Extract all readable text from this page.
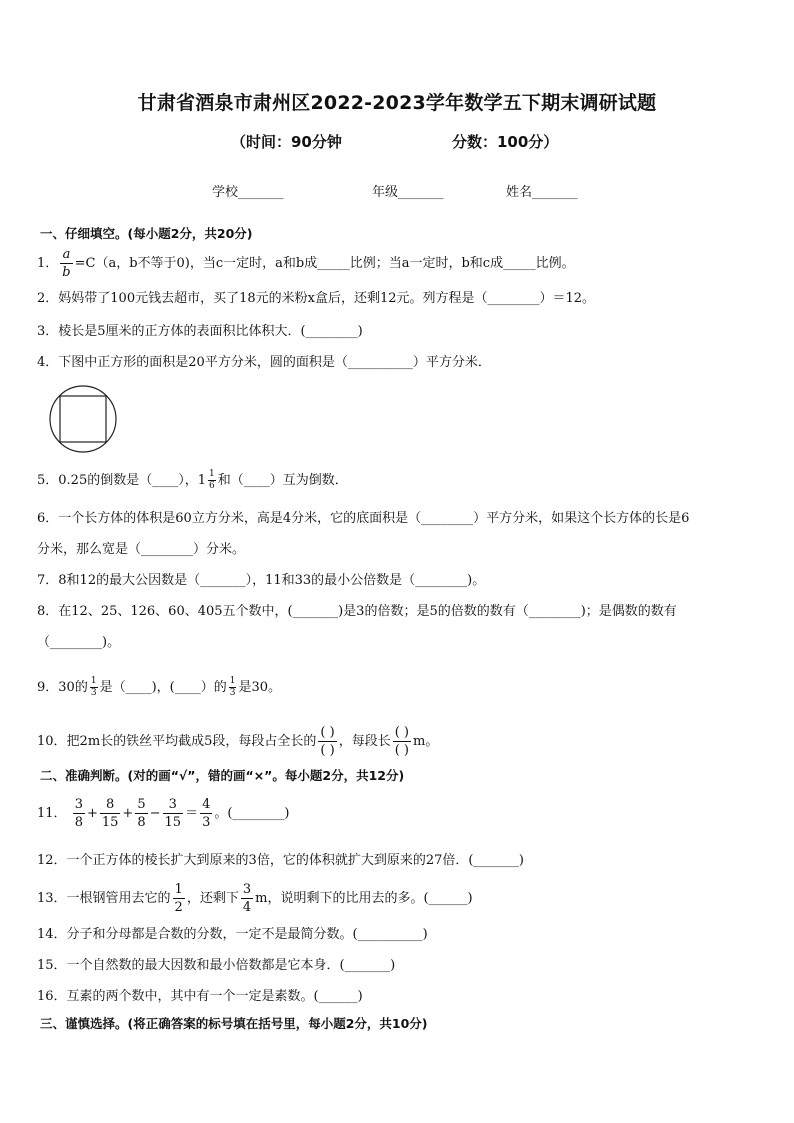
甘肃省酒泉市肃州区2022-2023学年数学五下期末调研试题
（时间：90分钟	分数：100分）
学校_______	年级_______	姓名_______
一、仔细填空。(每小题2分，共20分)
1． $\frac{a}{b} =C(a$，b不等于0)，当c一定时，a和b成_____比例；当a一定时，b和c成_____比例。
2．妈妈带了100元钱去超市，买了18元的米粉x盒后，还剩12元。列方程是（________）＝12。
3．棱长是5厘米的正方体的表面积比体积大．(________)
4．下图中正方形的面积是20平方分米，圆的面积是（__________）平方分米．
5．0.25的倒数是（____），$1 \frac{1}{6}$ 和（____）互为倒数．
6．一个长方体的体积是60立方分米，高是4分米，它的底面积是（________）平方分米，如果这个长方体的长是6
分米，那么宽是（________）分米。
7．8和12的最大公因数是（_______），11和33的最小公倍数是（________)。
8．在12、25、126、60、405五个数中，(_______)是3的倍数；是5的倍数的数有（________)；是偶数的数有
（________)。
9．30的 $\frac{1}{3}$ 是（____)，(____）的 $\frac{1}{3}$ 是30。
10．把2m长的铁丝平均截成5段，每段占全长的 $\frac{( )}{( )}$ ，每段长 $\frac{( )}{( )}$ m。
二、准确判断。(对的画“√”，错的画“×”。每小题2分，共12分)
11． $\frac{3}{8} + \frac{8}{15} + \frac{5}{8} - \frac{3}{15} = \frac{4}{3}$ 。(________)
12．一个正方体的棱长扩大到原来的3倍，它的体积就扩大到原来的27倍．(_______)
13．一根钢管用去它的 $\frac{1}{2}$ ，还剩下 $\frac{3}{4}$ m，说明剩下的比用去的多。(______)
14．分子和分母都是合数的分数，一定不是最简分数。(__________)
15．一个自然数的最大因数和最小倍数都是它本身．(_______)
16．互素的两个数中，其中有一个一定是素数。(______)
三、谨慎选择。(将正确答案的标号填在括号里，每小题2分，共10分)
